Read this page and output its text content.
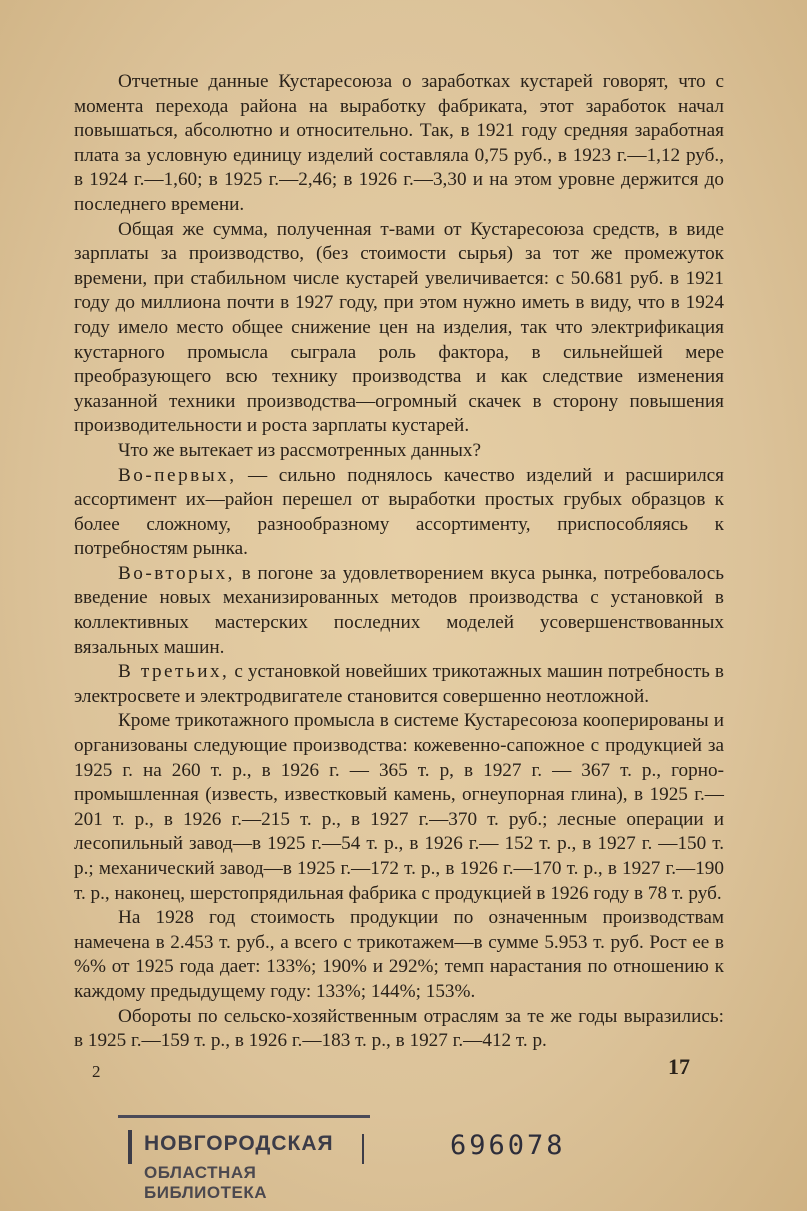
Отчетные данные Кустаресоюза о заработках кустарей говорят, что с момента перехода района на выработку фабриката, этот заработок начал повышаться, абсолютно и относительно. Так, в 1921 году средняя заработная плата за условную единицу изделий составляла 0,75 руб., в 1923 г.—1,12 руб., в 1924 г.—1,60; в 1925 г.—2,46; в 1926 г.—3,30 и на этом уровне держится до последнего времени.

Общая же сумма, полученная т-вами от Кустаресоюза средств, в виде зарплаты за производство, (без стоимости сырья) за тот же промежуток времени, при стабильном числе кустарей увеличивается: с 50.681 руб. в 1921 году до миллиона почти в 1927 году, при этом нужно иметь в виду, что в 1924 году имело место общее снижение цен на изделия, так что электрификация кустарного промысла сыграла роль фактора, в сильнейшей мере преобразующего всю технику производства и как следствие изменения указанной техники производства—огромный скачек в сторону повышения производительности и роста зарплаты кустарей.

Что же вытекает из рассмотренных данных?

Во-первых, — сильно поднялось качество изделий и расширился ассортимент их—район перешел от выработки простых грубых образцов к более сложному, разнообразному ассортименту, приспособляясь к потребностям рынка.

Во-вторых, в погоне за удовлетворением вкуса рынка, потребовалось введение новых механизированных методов производства с установкой в коллективных мастерских последних моделей усовершенствованных вязальных машин.

В третьих, с установкой новейших трикотажных машин потребность в электросвете и электродвигателе становится совершенно неотложной.

Кроме трикотажного промысла в системе Кустаресоюза кооперированы и организованы следующие производства: кожевенно-сапожное с продукцией за 1925 г. на 260 т. р., в 1926 г. — 365 т. р, в 1927 г. — 367 т. р., горно-промышленная (известь, известковый камень, огнеупорная глина), в 1925 г.—201 т. р., в 1926 г.—215 т. р., в 1927 г.—370 т. руб.; лесные операции и лесопильный завод—в 1925 г.—54 т. р., в 1926 г.— 152 т. р., в 1927 г. —150 т. р.; механический завод—в 1925 г.—172 т. р., в 1926 г.—170 т. р., в 1927 г.—190 т. р., наконец, шерстопрядильная фабрика с продукцией в 1926 году в 78 т. руб.

На 1928 год стоимость продукции по означенным производствам намечена в 2.453 т. руб., а всего с трикотажем—в сумме 5.953 т. руб. Рост ее в %% от 1925 года дает: 133%; 190% и 292%; темп нарастания по отношению к каждому предыдущему году: 133%; 144%; 153%.

Обороты по сельско-хозяйственным отраслям за те же годы выразились: в 1925 г.—159 т. р., в 1926 г.—183 т. р., в 1927 г.—412 т. р.

2	17
НОВГОРОДСКАЯ
ОБЛАСТНАЯ БИБЛИОТЕКА
696078
